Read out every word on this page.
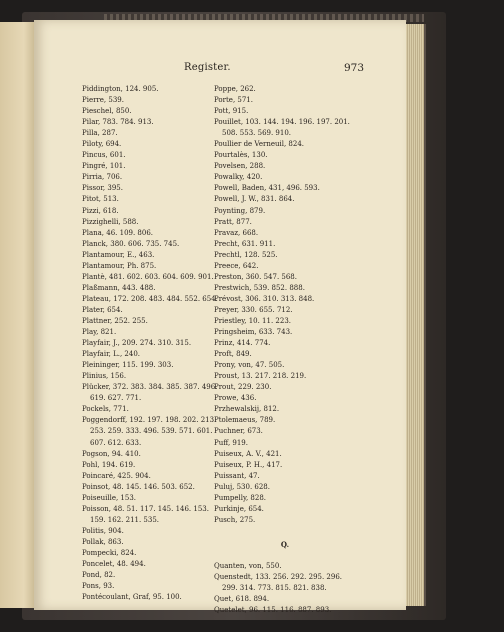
Register.	973
Piddington, 124. 905.
Pierre, 539.
Pieschel, 850.
Pilar, 783. 784. 913.
Pilla, 287.
Piloty, 694.
Pincus, 601.
Pingré, 101.
Pirria, 706.
Pissor, 395.
Pitot, 513.
Pizzi, 618.
Pizzighelli, 588.
Plana, 46. 109. 806.
Planck, 380. 606. 735. 745.
Plantamour, E., 463.
Plantamour, Ph. 875.
Plantè, 481. 602. 603. 604. 609. 901.
Plaßmann, 443. 488.
Plateau, 172. 208. 483. 484. 552. 654.
Plater, 654.
Plattner, 252. 255.
Play, 821.
Playfair, J., 209. 274. 310. 315.
Playfair, L., 240.
Pleininger, 115. 199. 303.
Plinius, 156.
Plücker, 372. 383. 384. 385. 387. 496.
619. 627. 771.
Pockels, 771.
Poggendorff, 192. 197. 198. 202. 213.
253. 259. 333. 496. 539. 571. 601.
607. 612. 633.
Pogson, 94. 410.
Pohl, 194. 619.
Poincaré, 425. 904.
Poinsot, 48. 145. 146. 503. 652.
Poiseuille, 153.
Poisson, 48. 51. 117. 145. 146. 153.
159. 162. 211. 535.
Politis, 904.
Pollak, 863.
Pompecki, 824.
Poncelet, 48. 494.
Pond, 82.
Pons, 93.
Pontécoulant, Graf, 95. 100.
Poppe, 262.
Porte, 571.
Pott, 915.
Pouillet, 103. 144. 194. 196. 197. 201.
508. 553. 569. 910.
Poullier de Verneuil, 824.
Pourtalès, 130.
Povelsen, 288.
Powalky, 420.
Powell, Baden, 431, 496. 593.
Powell, J. W., 831. 864.
Poynting, 879.
Pratt, 877.
Pravaz, 668.
Precht, 631. 911.
Prechtl, 128. 525.
Preece, 642.
Preston, 360. 547. 568.
Prestwich, 539. 852. 888.
Prévost, 306. 310. 313. 848.
Preyer, 330. 655. 712.
Priestley, 10. 11. 223.
Pringsheim, 633. 743.
Prinz, 414. 774.
Proft, 849.
Prony, von, 47. 505.
Proust, 13. 217. 218. 219.
Prout, 229. 230.
Prowe, 436.
Przhewalskij, 812.
Ptolemaeus, 789.
Puchner, 673.
Puff, 919.
Puiseux, A. V., 421.
Puiseux, P. H., 417.
Puissant, 47.
Puluj, 530. 628.
Pumpelly, 828.
Purkinje, 654.
Pusch, 275.
Q.
Quanten, von, 550.
Quenstedt, 133. 256. 292. 295. 296.
299. 314. 773. 815. 821. 838.
Quet, 618. 894.
Quetelet, 96. 115. 116. 887. 893.
